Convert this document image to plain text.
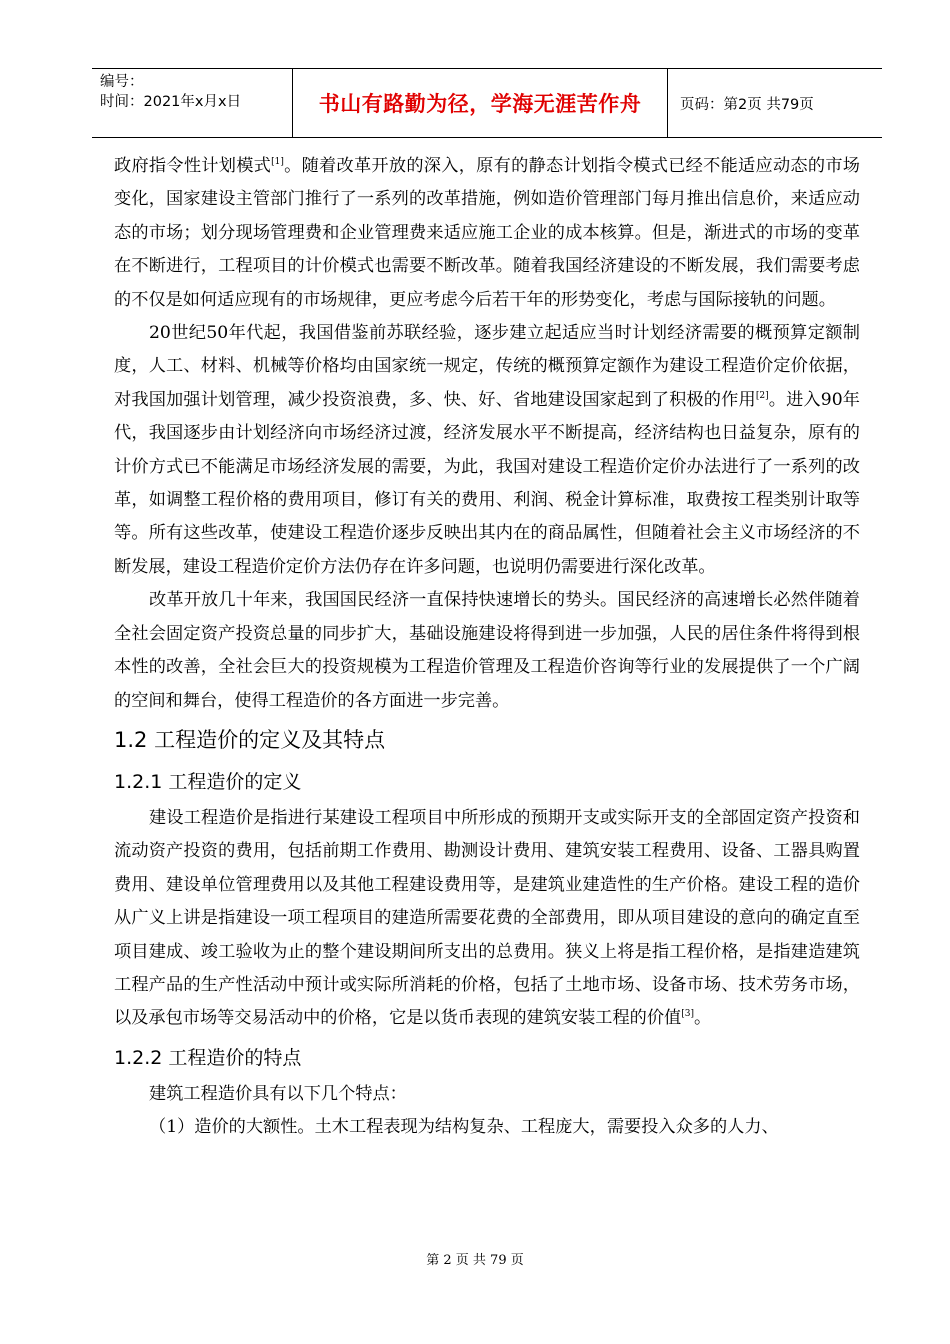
编号：
时间：2021年x月x日	书山有路勤为径，学海无涯苦作舟	页码：第2页 共79页

政府指令性计划模式[1]。随着改革开放的深入，原有的静态计划指令模式已经不能适应动态的市场变化，国家建设主管部门推行了一系列的改革措施，例如造价管理部门每月推出信息价，来适应动态的市场；划分现场管理费和企业管理费来适应施工企业的成本核算。但是，渐进式的市场的变革在不断进行，工程项目的计价模式也需要不断改革。随着我国经济建设的不断发展，我们需要考虑的不仅是如何适应现有的市场规律，更应考虑今后若干年的形势变化，考虑与国际接轨的问题。

20世纪50年代起，我国借鉴前苏联经验，逐步建立起适应当时计划经济需要的概预算定额制度，人工、材料、机械等价格均由国家统一规定，传统的概预算定额作为建设工程造价定价依据，对我国加强计划管理，减少投资浪费，多、快、好、省地建设国家起到了积极的作用[2]。进入90年代，我国逐步由计划经济向市场经济过渡，经济发展水平不断提高，经济结构也日益复杂，原有的计价方式已不能满足市场经济发展的需要，为此，我国对建设工程造价定价办法进行了一系列的改革，如调整工程价格的费用项目，修订有关的费用、利润、税金计算标准，取费按工程类别计取等等。所有这些改革，使建设工程造价逐步反映出其内在的商品属性，但随着社会主义市场经济的不断发展，建设工程造价定价方法仍存在许多问题，也说明仍需要进行深化改革。

改革开放几十年来，我国国民经济一直保持快速增长的势头。国民经济的高速增长必然伴随着全社会固定资产投资总量的同步扩大，基础设施建设将得到进一步加强，人民的居住条件将得到根本性的改善，全社会巨大的投资规模为工程造价管理及工程造价咨询等行业的发展提供了一个广阔的空间和舞台，使得工程造价的各方面进一步完善。

1.2 工程造价的定义及其特点
1.2.1 工程造价的定义

建设工程造价是指进行某建设工程项目中所形成的预期开支或实际开支的全部固定资产投资和流动资产投资的费用，包括前期工作费用、勘测设计费用、建筑安装工程费用、设备、工器具购置费用、建设单位管理费用以及其他工程建设费用等，是建筑业建造性的生产价格。建设工程的造价从广义上讲是指建设一项工程项目的建造所需要花费的全部费用，即从项目建设的意向的确定直至项目建成、竣工验收为止的整个建设期间所支出的总费用。狭义上将是指工程价格，是指建造建筑工程产品的生产性活动中预计或实际所消耗的价格，包括了土地市场、设备市场、技术劳务市场，以及承包市场等交易活动中的价格，它是以货币表现的建筑安装工程的价值[3]。

1.2.2 工程造价的特点

建筑工程造价具有以下几个特点：

（1）造价的大额性。土木工程表现为结构复杂、工程庞大，需要投入众多的人力、

第 2 页 共 79 页
